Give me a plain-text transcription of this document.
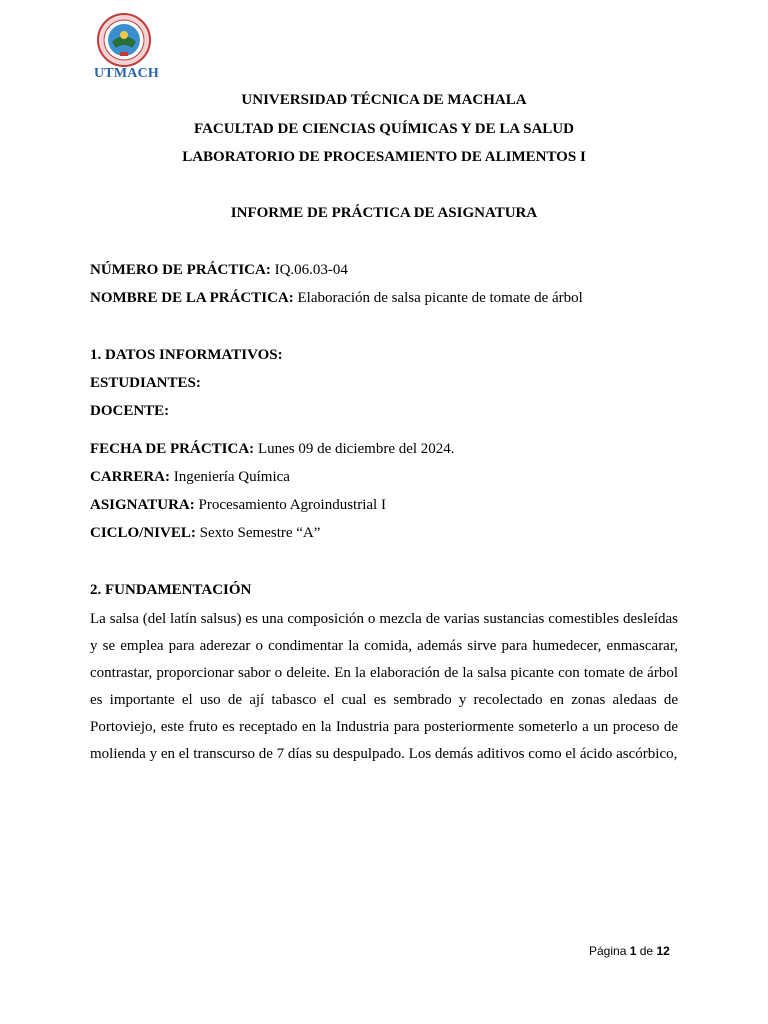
UTMACH
UNIVERSIDAD TÉCNICA DE MACHALA
FACULTAD DE CIENCIAS QUÍMICAS Y DE LA SALUD
LABORATORIO DE PROCESAMIENTO DE ALIMENTOS I
INFORME DE PRÁCTICA DE ASIGNATURA
NÚMERO DE PRÁCTICA: IQ.06.03-04
NOMBRE DE LA PRÁCTICA: Elaboración de salsa picante de tomate de árbol
1. DATOS INFORMATIVOS:
ESTUDIANTES:
DOCENTE:
FECHA DE PRÁCTICA: Lunes 09 de diciembre del 2024.
CARRERA: Ingeniería Química
ASIGNATURA: Procesamiento Agroindustrial I
CICLO/NIVEL: Sexto Semestre “A”
2. FUNDAMENTACIÓN
La salsa (del latín salsus) es una composición o mezcla de varias sustancias comestibles desleídas
y se emplea para aderezar o condimentar la comida, además sirve para humedecer, enmascarar,
contrastar, proporcionar sabor o deleite. En la elaboración de la salsa picante con tomate de árbol
es importante el uso de ají tabasco el cual es sembrado y recolectado en zonas aledaas de
Portoviejo, este fruto es receptado en la Industria para posteriormente someterlo a un proceso de
molienda y en el transcurso de 7 días su despulpado. Los demás aditivos como el ácido ascórbico,
Página 1 de 12
